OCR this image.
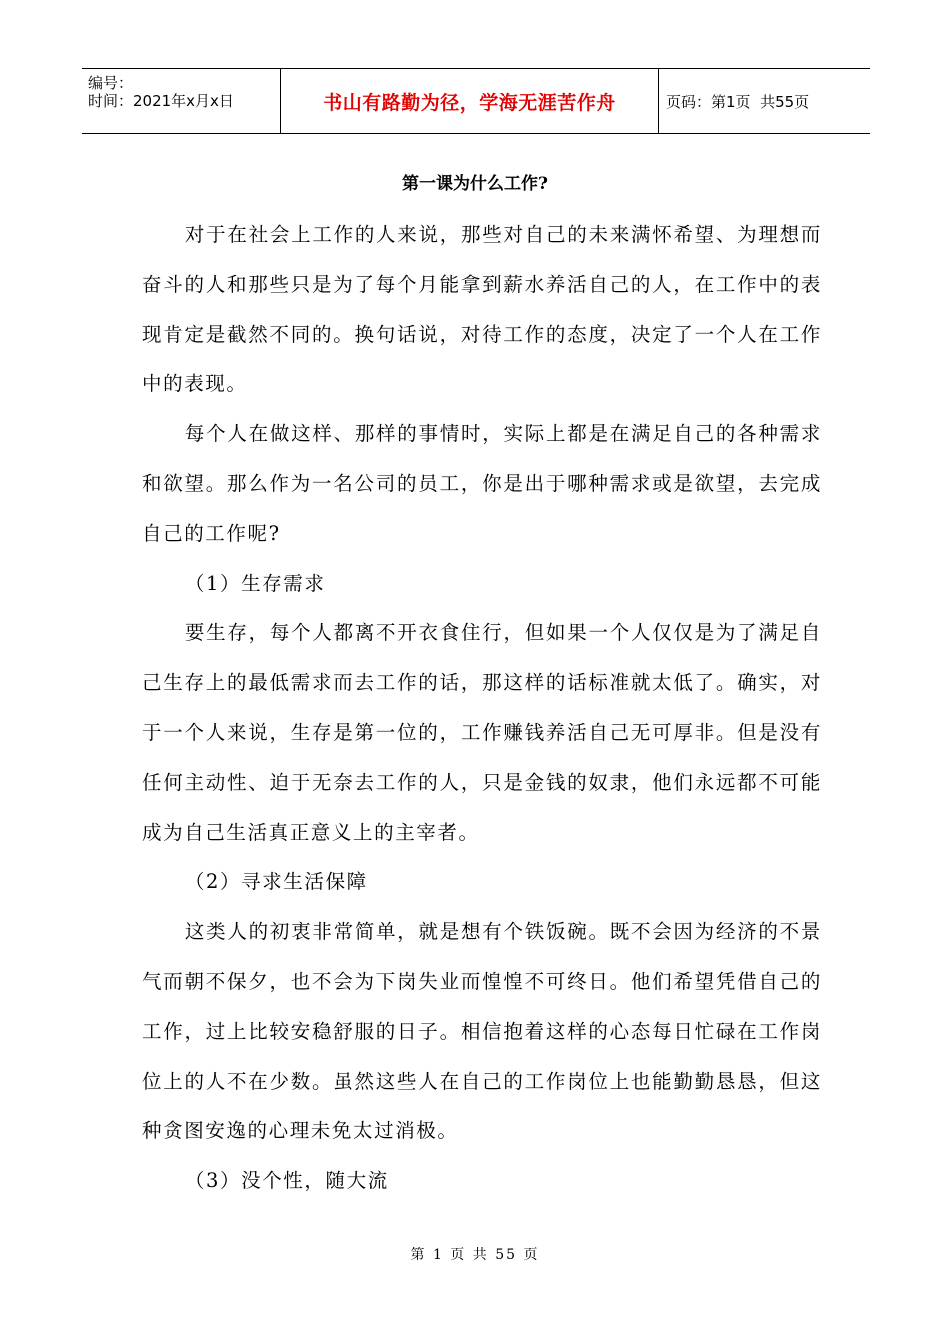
编号：
时间：2021年x月x日	书山有路勤为径，学海无涯苦作舟	页码：第1页  共55页
第一课为什么工作?

对于在社会上工作的人来说，那些对自己的未来满怀希望、为理想而奋斗的人和那些只是为了每个月能拿到薪水养活自己的人，在工作中的表现肯定是截然不同的。换句话说，对待工作的态度，决定了一个人在工作中的表现。

每个人在做这样、那样的事情时，实际上都是在满足自己的各种需求和欲望。那么作为一名公司的员工，你是出于哪种需求或是欲望，去完成自己的工作呢?

（1）生存需求

要生存，每个人都离不开衣食住行，但如果一个人仅仅是为了满足自己生存上的最低需求而去工作的话，那这样的话标准就太低了。确实，对于一个人来说，生存是第一位的，工作赚钱养活自己无可厚非。但是没有任何主动性、迫于无奈去工作的人，只是金钱的奴隶，他们永远都不可能成为自己生活真正意义上的主宰者。

（2）寻求生活保障

这类人的初衷非常简单，就是想有个铁饭碗。既不会因为经济的不景气而朝不保夕，也不会为下岗失业而惶惶不可终日。他们希望凭借自己的工作，过上比较安稳舒服的日子。相信抱着这样的心态每日忙碌在工作岗位上的人不在少数。虽然这些人在自己的工作岗位上也能勤勤恳恳，但这种贪图安逸的心理未免太过消极。

（3）没个性，随大流

第 1 页 共 55 页
